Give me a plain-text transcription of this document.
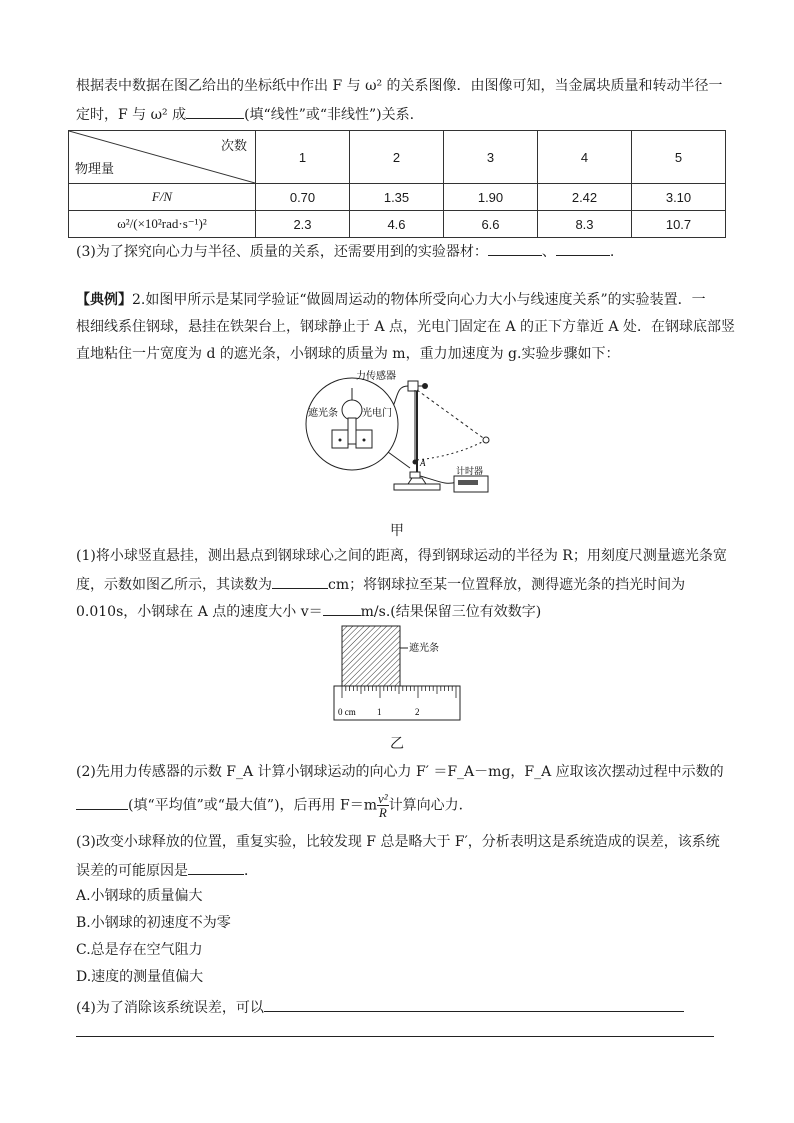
根据表中数据在图乙给出的坐标纸中作出 F 与 ω² 的关系图像．由图像可知，当金属块质量和转动半径一
定时，F 与 ω² 成	(填“线性”或“非线性”)关系.
次数
物理量	1	2	3	4	5
F/N	0.70	1.35	1.90	2.42	3.10
ω²/(×10²rad·s⁻¹)²	2.3	4.6	6.6	8.3	10.7
(3)为了探究向心力与半径、质量的关系，还需要用到的实验器材：	、	.
【典例】2.如图甲所示是某同学验证“做圆周运动的物体所受向心力大小与线速度关系”的实验装置．一
根细线系住钢球，悬挂在铁架台上，钢球静止于 A 点，光电门固定在 A 的正下方靠近 A 处．在钢球底部竖
直地粘住一片宽度为 d 的遮光条，小钢球的质量为 m，重力加速度为 g.实验步骤如下：
力传感器
遮光条 光电门
A
计时器
甲
(1)将小球竖直悬挂，测出悬点到钢球球心之间的距离，得到钢球运动的半径为 R；用刻度尺测量遮光条宽
度，示数如图乙所示，其读数为	cm；将钢球拉至某一位置释放，测得遮光条的挡光时间为
0.010s，小钢球在 A 点的速度大小 v＝	m/s.(结果保留三位有效数字)
遮光条
0 cm 1	2
乙
(2)先用力传感器的示数 F_A 计算小钢球运动的向心力 F′ ＝F_A－mg，F_A 应取该次摆动过程中示数的
(填“平均值”或“最大值”)，后再用 $F=m \frac{\text{v²}}{R}$ 计算向心力．
(3)改变小球释放的位置，重复实验，比较发现 F 总是略大于 F′，分析表明这是系统造成的误差，该系统
误差的可能原因是	．
A.小钢球的质量偏大
B.小钢球的初速度不为零
C.总是存在空气阻力
D.速度的测量值偏大
(4)为了消除该系统误差，可以
